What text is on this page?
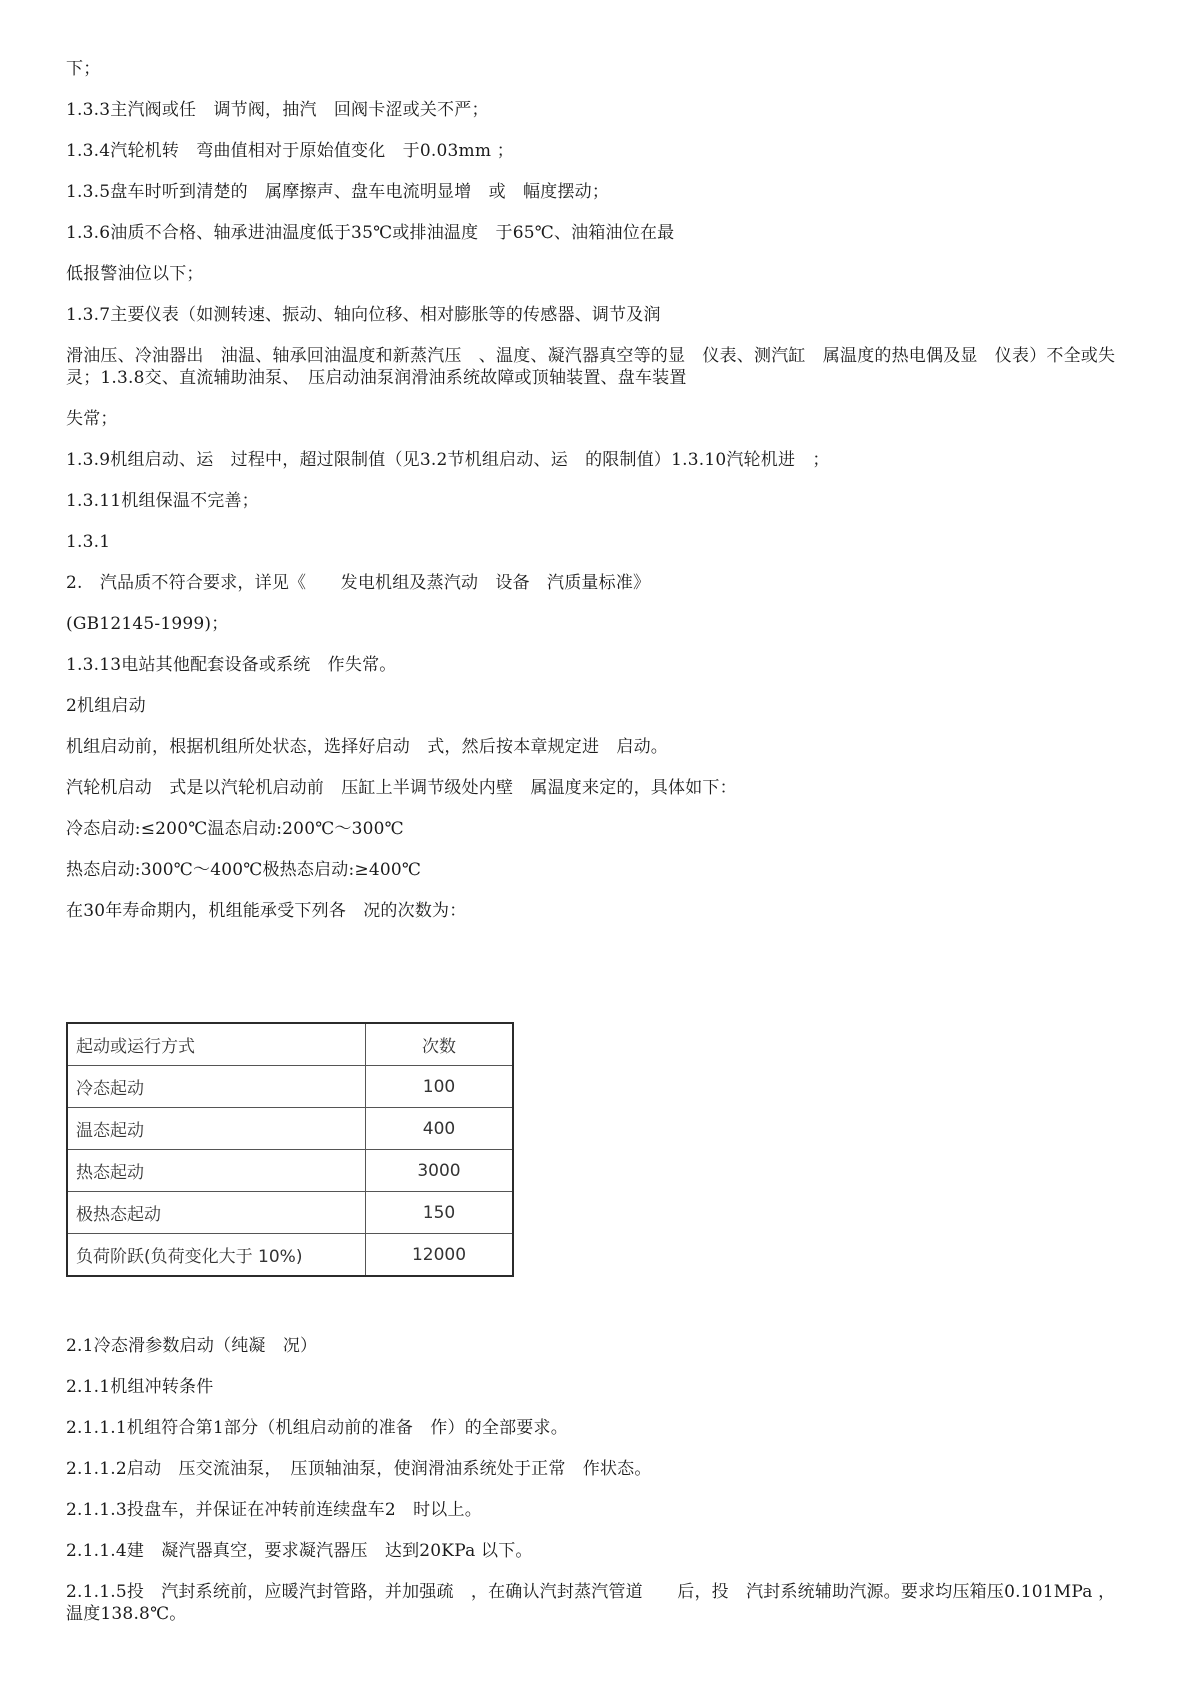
下；
1.3.3主汽阀或任　调节阀，抽汽　回阀卡涩或关不严；
1.3.4汽轮机转　弯曲值相对于原始值变化　于0.03mm ；
1.3.5盘车时听到清楚的　属摩擦声、盘车电流明显增　或　幅度摆动；
1.3.6油质不合格、轴承进油温度低于35℃或排油温度　于65℃、油箱油位在最
低报警油位以下；
1.3.7主要仪表（如测转速、振动、轴向位移、相对膨胀等的传感器、调节及润
滑油压、冷油器出　油温、轴承回油温度和新蒸汽压　、温度、凝汽器真空等的显　仪表、测汽缸　属温度的热电偶及显　仪表）不全或失灵；1.3.8交、直流辅助油泵、　压启动油泵润滑油系统故障或顶轴装置、盘车装置
失常；
1.3.9机组启动、运　过程中，超过限制值（见3.2节机组启动、运　的限制值）1.3.10汽轮机进　；
1.3.11机组保温不完善；
1.3.1
2.　汽品质不符合要求，详见《　　发电机组及蒸汽动　设备　汽质量标准》
(GB12145-1999)；
1.3.13电站其他配套设备或系统　作失常。
2机组启动
机组启动前，根据机组所处状态，选择好启动　式，然后按本章规定进　启动。
汽轮机启动　式是以汽轮机启动前　压缸上半调节级处内壁　属温度来定的，具体如下：
冷态启动:≤200℃温态启动:200℃～300℃
热态启动:300℃～400℃极热态启动:≥400℃
在30年寿命期内，机组能承受下列各　况的次数为：
起动或运行方式	次数
冷态起动	100
温态起动	400
热态起动	3000
极热态起动	150
负荷阶跃(负荷变化大于 10%)	12000
2.1冷态滑参数启动（纯凝　况）
2.1.1机组冲转条件
2.1.1.1机组符合第1部分（机组启动前的准备　作）的全部要求。
2.1.1.2启动　压交流油泵，　压顶轴油泵，使润滑油系统处于正常　作状态。
2.1.1.3投盘车，并保证在冲转前连续盘车2　时以上。
2.1.1.4建　凝汽器真空，要求凝汽器压　达到20KPa 以下。
2.1.1.5投　汽封系统前，应暖汽封管路，并加强疏　，在确认汽封蒸汽管道　　后，投　汽封系统辅助汽源。要求均压箱压0.101MPa ，温度138.8℃。
